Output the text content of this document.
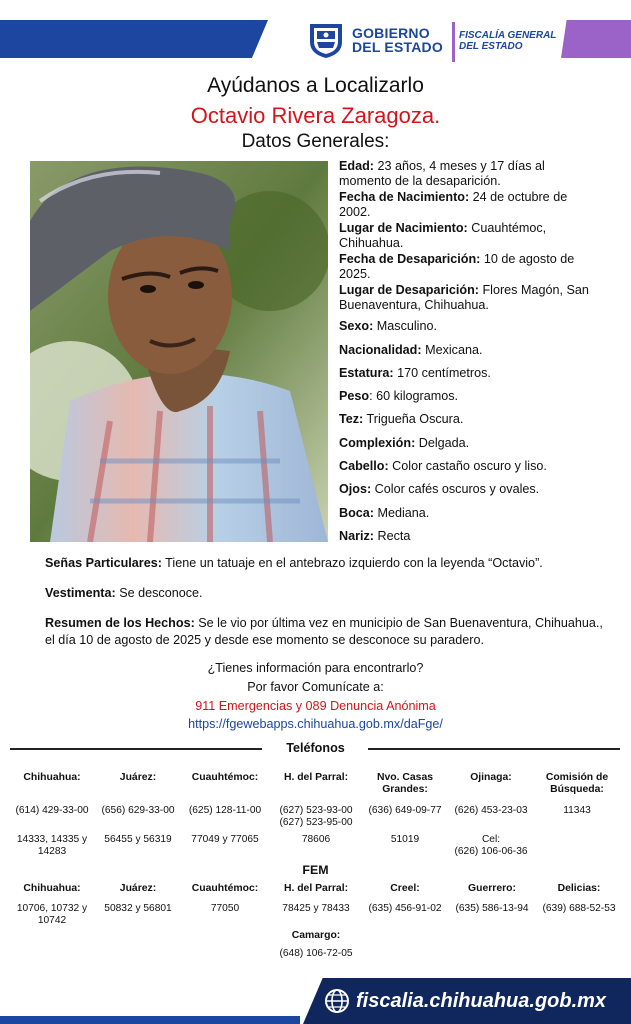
GOBIERNO
DEL ESTADO
FISCALÍA GENERAL
DEL ESTADO
Ayúdanos a Localizarlo
Octavio Rivera Zaragoza.
Datos Generales:
Edad: 23 años, 4 meses y 17 días al momento de la desaparición.
Fecha de Nacimiento: 24 de octubre de 2002.
Lugar de Nacimiento: Cuauhtémoc, Chihuahua.
Fecha de Desaparición: 10 de agosto de 2025.
Lugar de Desaparición: Flores Magón, San Buenaventura, Chihuahua.
Sexo: Masculino.
Nacionalidad: Mexicana.
Estatura: 170 centímetros.
Peso: 60 kilogramos.
Tez: Trigueña Oscura.
Complexión: Delgada.
Cabello: Color castaño oscuro y liso.
Ojos: Color cafés oscuros y ovales.
Boca: Mediana.
Nariz: Recta
Señas Particulares: Tiene un tatuaje en el antebrazo izquierdo con la leyenda “Octavio”.
Vestimenta: Se desconoce.
Resumen de los Hechos: Se le vio por última vez en municipio de San Buenaventura, Chihuahua., el día 10 de agosto de 2025 y desde ese momento se desconoce su paradero.
¿Tienes información para encontrarlo?
Por favor Comunícate a:
911 Emergencias y 089 Denuncia Anónima
https://fgewebapps.chihuahua.gob.mx/daFge/
Teléfonos
Chihuahua:
(614) 429-33-00
14333, 14335 y 14283
Juárez:
(656) 629-33-00
56455 y 56319
Cuauhtémoc:
(625) 128-11-00
77049 y 77065
H. del Parral:
(627) 523-93-00
(627) 523-95-00
78606
Nvo. Casas Grandes:
(636) 649-09-77
51019
Ojinaga:
(626) 453-23-03
Cel:
(626) 106-06-36
Comisión de Búsqueda:
11343
FEM
Chihuahua:
10706, 10732 y 10742
Juárez:
50832 y 56801
Cuauhtémoc:
77050
H. del Parral:
78425 y 78433
Creel:
(635) 456-91-02
Guerrero:
(635) 586-13-94
Delicias:
(639) 688-52-53
Camargo:
(648) 106-72-05
fiscalia.chihuahua.gob.mx
